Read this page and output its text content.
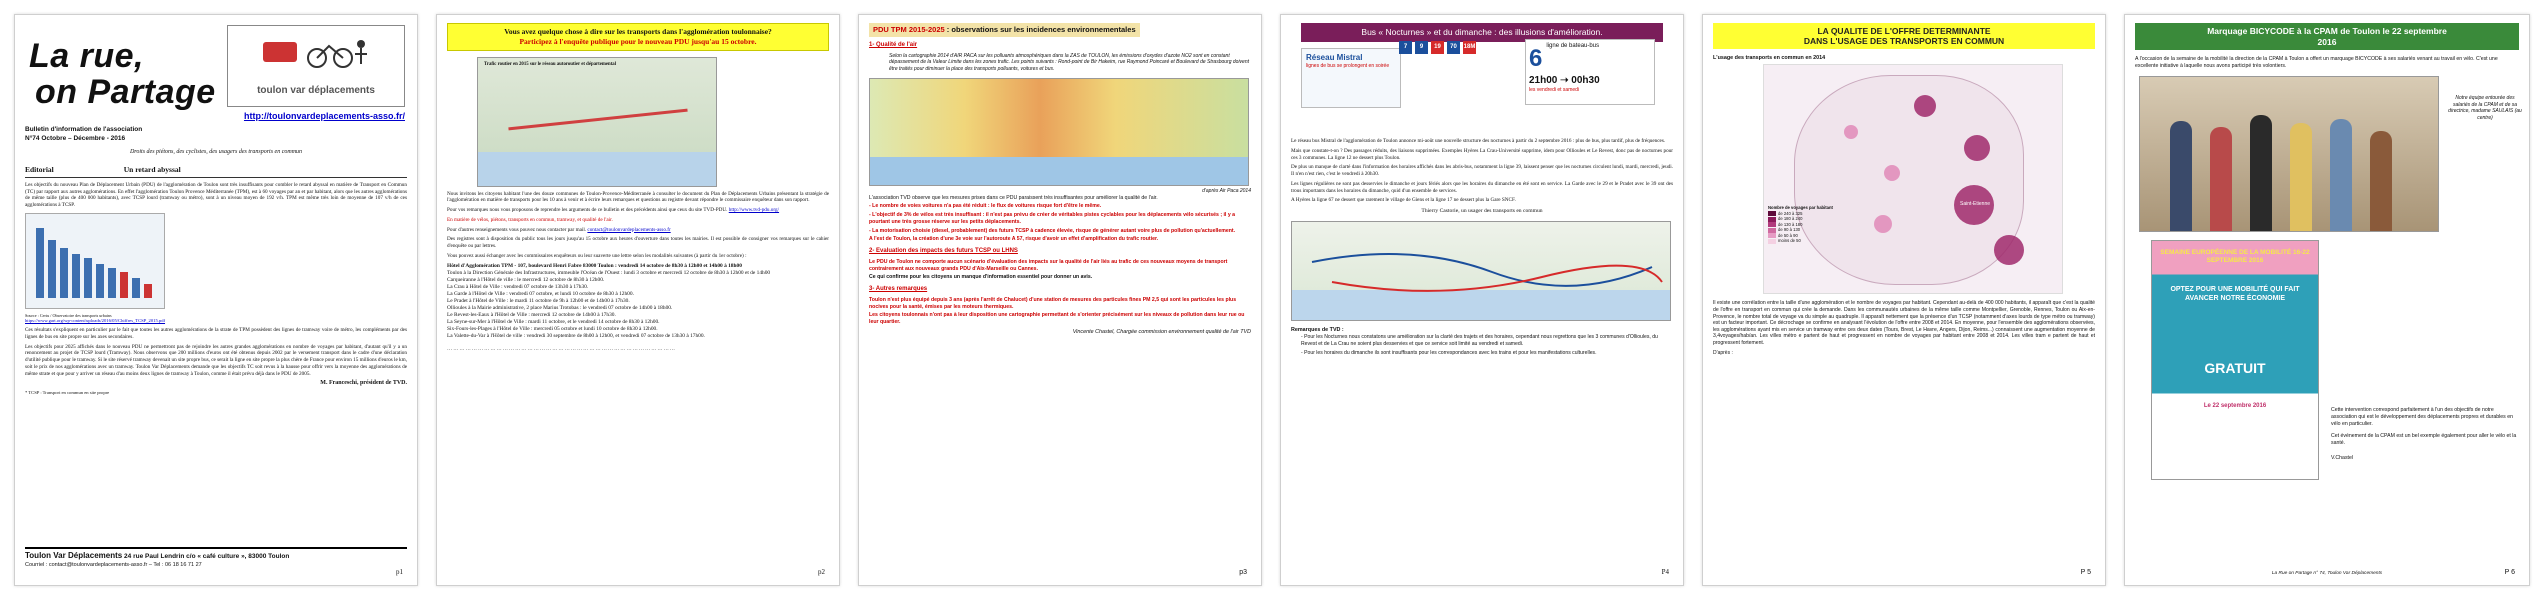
La rue,
on Partage	toulon var déplacements
http://toulonvardeplacements-asso.fr/
Bulletin d'information de l'association
N°74 Octobre – Décembre - 2016
Droits des piétons, des cyclistes, des usagers des transports en commun
Editorial	Un retard abyssal
Les objectifs du nouveau Plan de Déplacement Urbain (PDU) de l'agglomération de Toulon sont très insuffisants pour combler le retard abyssal en matière de Transport en Commun (TC) par rapport aux autres agglomérations. En effet l'agglomération Toulon Provence Méditerranée (TPM), est à 60 voyages par an et par habitant, alors que les autres agglomérations de même taille (plus de 400 000 habitants), avec TCSP lourd (tramway ou métro), sont à un niveau moyen de 192 v/h. TPM est même très loin de moyenne de 107 v/h de ces agglomérations à TCSP.
Source : Certu / Observatoire des transports urbains
https://www.gart.org/wp-content/uploads/2016/05/Chiffres_TCSP_2015.pdf
Ces résultats s'expliquent en particulier par le fait que toutes les autres agglomérations de la strate de TPM possèdent des lignes de tramway voire de métro, les compléments par des lignes de bus en site propre sur les axes secondaires.
Les objectifs pour 2025 affichés dans le nouveau PDU ne permettront pas de rejoindre les autres grandes agglomérations en nombre de voyages par habitant, d'autant qu'il y a un renoncement au projet de TCSP lourd (Tramway). Nous observons que 200 millions d'euros ont été obtenus depuis 2002 par le versement transport dans le cadre d'une déclaration d'utilité publique pour le tramway. Si le site réservé tramway devenait un site propre bus, ce serait la ligne en site propre la plus chère de France pour environ 15 millions d'euros le km, soit le prix de nos agglomérations avec un tramway. Toulon Var Déplacements demande que les objectifs TC soit revus à la hausse pour offrir vers la moyenne des agglomérations de même strate et que pour y arriver un réseau d'au moins deux lignes de tramway à Toulon, comme il était prévu déjà dans le PDU de 2005.
M. Franceschi, président de TVD.
* TCSP : Transport en commun en site propre
Toulon Var Déplacements 24 rue Paul Lendrin c/o « café culture », 83000 Toulon
Courriel : contact@toulonvardeplacements-asso.fr – Tel : 06 18 16 71 27
p1
Vous avez quelque chose à dire sur les transports dans l'agglomération toulonnaise?
Participez à l'enquête publique pour le nouveau PDU jusqu'au 15 octobre.
Trafic routier en 2015 sur le réseau autoroutier et départemental
Nous invitons les citoyens habitant l'une des douze communes de Toulon-Provence-Méditerranée à consulter le document du Plan de Déplacements Urbains présentant la stratégie de l'agglomération en matière de transports pour les 10 ans à venir et à écrire leurs remarques et questions au registre devant répondre le commissaire enquêteur dans son rapport.
Pour vos remarques nous vous proposons de reprendre les arguments de ce bulletin et des précédents ainsi que ceux du site TVD-PDU. http://www.tvd-pdu.org/
En matière de vélos, piétons, transports en commun, tramway, et qualité de l'air.
Pour d'autres renseignements vous pouvez nous contacter par mail. contact@toulonvardeplacements-asso.fr
Des registres sont à disposition du public tous les jours jusqu'au 15 octobre aux heures d'ouverture dans toutes les mairies. Il est possible de consigner vos remarques sur le cahier d'enquête ou par lettres.
Vous pouvez aussi échanger avec les commissaires enquêteurs ou leur suaverte une lettre selon les modalités suivantes (à partir du 1er octobre) :
Hôtel d'Agglomération TPM - 107, boulevard Henri Fabre 83000 Toulon : vendredi 14 octobre de 8h30 à 12h00 et 14h00 à 18h00
Toulon à la Direction Générale des Infrastructures, immeuble l'Océan de l'Ouest : lundi 3 octobre et mercredi 12 octobre de 8h30 à 12h00 et de 14h00
Carqueiranne à l'Hôtel de ville : le mercredi 12 octobre de 8h30 à 12h00.
La Crau à Hôtel de Ville : vendredi 07 octobre de 13h30 à 17h30.
La Garde à l'Hôtel de Ville : vendredi 07 octobre, et lundi 10 octobre de 8h30 à 12h00.
Le Pradet à l'Hôtel de Ville : le mardi 11 octobre de 9h à 12h00 et de 14h00 à 17h30.
Ollioules à la Mairie administrative, 2 place Marius Trotobas : le vendredi 07 octobre de 14h00 à 18h00.
Le Revest-les-Eaux à l'Hôtel de Ville : mercredi 12 octobre de 14h00 à 17h30.
La Seyne-sur-Mer à l'Hôtel de Ville : mardi 11 octobre, et le vendredi 14 octobre de 8h30 à 12h00.
Six-Fours-les-Plages à l'Hôtel de Ville : mercredi 05 octobre et lundi 10 octobre de 8h30 à 12h00.
La Valette-du-Var à l'Hôtel de ville : vendredi 30 septembre de 8h00 à 12h00, et vendredi 07 octobre de 13h30 à 17h00.
…………………………………………………………………………………………………
p2
PDU TPM 2015-2025 : observations sur les incidences environnementales
1- Qualité de l'air
Selon la cartographie 2014 d'AIR PACA sur les polluants atmosphériques dans la ZAS de TOULON, les émissions d'oxydes d'azote NO2 sont en constant dépassement de la Valeur Limite dans les zones trafic. Les points suivants : Rond-point de Bir Hakeim, rue Raymond Poincaré et Boulevard de Strasbourg doivent être traités pour diminuer la place des transports polluants, voitures et bus.
d'après Air Paca 2014
L'association TVD observe que les mesures prises dans ce PDU paraissent très insuffisantes pour améliorer la qualité de l'air.
- Le nombre de voies voitures n'a pas été réduit : le flux de voitures risque fort d'être le même.
- L'objectif de 3% de vélos est très insuffisant : il n'est pas prévu de créer de véritables pistes cyclables pour les déplacements vélo sécurisés ; il y a pourtant une très grosse réserve sur les petits déplacements.
- La motorisation choisie (diesel, probablement) des futurs TCSP à cadence élevée, risque de générer autant voire plus de pollution qu'actuellement.
A l'est de Toulon, la création d'une 3e voie sur l'autoroute A 57, risque d'avoir un effet d'amplification du trafic routier.
2- Evaluation des impacts des futurs TCSP ou LHNS
Le PDU de Toulon ne comporte aucun scénario d'évaluation des impacts sur la qualité de l'air liés au trafic de ces nouveaux moyens de transport contrairement aux nouveaux grands PDU d'Aix-Marseille ou Cannes.
Ce qui confirme pour les citoyens un manque d'information essentiel pour donner un avis.
3- Autres remarques
Toulon n'est plus équipé depuis 3 ans (après l'arrêt de Chalucet) d'une station de mesures des particules fines PM 2,5 qui sont les particules les plus nocives pour la santé, émises par les moteurs thermiques.
Les citoyens toulonnais n'ont pas à leur disposition une cartographie permettant de s'orienter précisément sur les niveaux de pollution dans leur rue ou leur quartier.
Vincente Chastel, Chargée commission environnement qualité de l'air TVD
p3
Bus « Nocturnes » et du dimanche : des illusions d'amélioration.
Réseau Mistral
lignes de bus se prolongent en soirée
7	9	19	70	18M 6 ligne de bateau-bus
21h00 ➝ 00h30
les vendredi et samedi
Le réseau bus Mistral de l'agglomération de Toulon annonce mi-août une nouvelle structure des nocturnes à partir du 2 septembre 2016 : plus de bus, plus tardif, plus de fréquences.
Mais que constate-t-on ? Des passages réduits, des liaisons supprimées. Exemples Hyères La Crau-Université supprime, idem pour Ollioules et Le Revest, donc pas de nocturnes pour ces 3 communes. La ligne 12 ne dessert plus Toulon.
De plus un manque de clarté dans l'information des horaires affichés dans les abris-bus, notamment la ligne 39, laissent penser que les nocturnes circulent lundi, mardi, mercredi, jeudi. Il n'en n'est rien, c'est le vendredi à 20h30.
Les lignes régulières ne sont pas desservies le dimanche et jours fériés alors que les horaires du dimanche en été sont en service. La Garde avec le 29 et le Pradet avec le 39 ont des trous importants dans les horaires du dimanche, quid d'un ensemble de services.
A Hyères la ligne 67 ne dessert que rarement le village de Giens et la ligne 17 ne dessert plus la Gare SNCF.
Thierry Castorie, un usager des transports en commun
Remarques de TVD :
- Pour les Nocturnes nous constatons une amélioration sur la clarté des trajets et des horaires, cependant nous regrettons que les 3 communes d'Ollioules, du Revest et de La Crau ne soient plus desservies et que ce service soit limité au vendredi et samedi.
- Pour les horaires du dimanche ils sont insuffisants pour les correspondances avec les trains et pour les manifestations culturelles.
P4
LA QUALITE DE L'OFFRE DETERMINANTE
DANS L'USAGE DES TRANSPORTS EN COMMUN
L'usage des transports en commun en 2014
Saint-Etienne
Nombre de voyages par habitant
de 240 à 325
de 180 à 240
de 130 à 180
de 90 à 130
de 50 à 90
moins de 50
Il existe une corrélation entre la taille d'une agglomération et le nombre de voyages par habitant. Cependant au-delà de 400 000 habitants, il apparaît que c'est la qualité de l'offre en transport en commun qui crée la demande. Dans les communautés urbaines de la même taille comme Montpellier, Grenoble, Rennes, Toulon ou Aix-en-Provence, le nombre total de voyage va du simple au quadruple. Il apparaît nettement que la présence d'un TCSP (notamment d'axes lourds de type métro ou tramway) est un facteur important. Ce décrochage se confirme en analysant l'évolution de l'offre entre 2008 et 2014. En moyenne, pour l'ensemble des agglomérations observées, les agglomérations ayant mis en service un tramway entre ces deux dates (Tours, Brest, Le Havre, Angers, Dijon, Reims...) connaissent une augmentation moyenne de 3,4voyages/hab/an. Les villes métro e partent de haut et progressent en nombre de voyages par habitant entre 2008 et 2014. Les villes tram e partent de haut et progressent fortement.
D'après :
P 5
Marquage BICYCODE à la CPAM de Toulon le 22 septembre
2016
A l'occasion de la semaine de la mobilité la direction de la CPAM à Toulon a offert un marquage BICYCODE à ses salariés venant au travail en vélo. C'est une excellente initiative à laquelle nous avons participé très volontiers.
Notre équipe entourée des salariés de la CPAM et de sa directrice, madame SAULAIS (au centre)
SEMAINE EUROPÉENNE DE LA MOBILITÉ 16-22 SEPTEMBRE 2016
OPTEZ POUR UNE MOBILITÉ QUI FAIT AVANCER NOTRE ÉCONOMIE
GRATUIT
Le 22 septembre 2016
Cette intervention correspond parfaitement à l'un des objectifs de notre association qui est le développement des déplacements propres et durables en vélo en particulier.
Cet événement de la CPAM est un bel exemple également pour aller le vélo et la santé.
V.Chastel
La Rue on Partage n° 74, Toulon Var Déplacements	P 6
